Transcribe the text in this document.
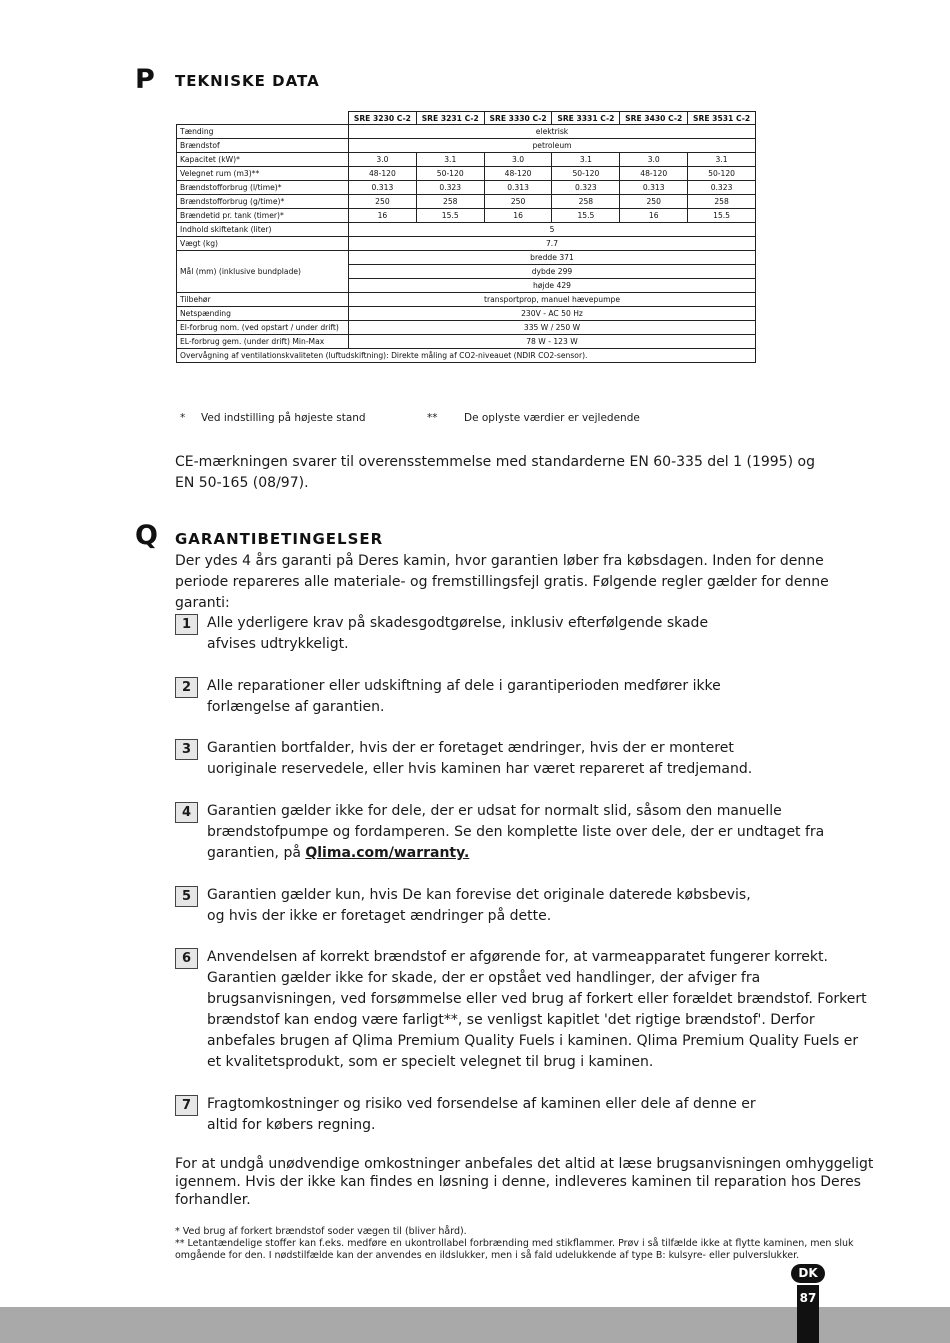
P TEKNISKE DATA
	SRE 3230 C-2	SRE 3231 C-2	SRE 3330 C-2	SRE 3331 C-2	SRE 3430 C-2	SRE 3531 C-2
Tænding	elektrisk					
Brændstof	petroleum					
Kapacitet (kW)*	3.0	3.1	3.0	3.1	3.0	3.1
Velegnet rum (m3)**	48-120	50-120	48-120	50-120	48-120	50-120
Brændstofforbrug (l/time)*	0.313	0.323	0.313	0.323	0.313	0.323
Brændstofforbrug (g/time)*	250	258	250	258	250	258
Brændetid pr. tank (timer)*	16	15.5	16	15.5	16	15.5
Indhold skiftetank (liter)	5					
Vægt (kg)	7.7					
Mål (mm) (inklusive bundplade)	bredde 371					
	dybde 299					
	højde 429					
Tilbehør	transportprop, manuel hævepumpe					
Netspænding	230V - AC 50 Hz					
El-forbrug nom. (ved opstart / under drift)	335 W / 250 W					
EL-forbrug gem. (under drift) Min-Max	78 W - 123 W					
Overvågning af ventilationskvaliteten (luftudskiftning): Direkte måling af CO2-niveauet (NDIR CO2-sensor).						
* Ved indstilling på højeste stand	**	De oplyste værdier er vejledende
CE-mærkningen svarer til overensstemmelse med standarderne EN 60-335 del 1 (1995) og EN 50-165 (08/97).
Q GARANTIBETINGELSER
Der ydes 4 års garanti på Deres kamin, hvor garantien løber fra købsdagen. Inden for denne periode repareres alle materiale- og fremstillingsfejl gratis. Følgende regler gælder for denne garanti:
1	Alle yderligere krav på skadesgodtgørelse, inklusiv efterfølgende skade afvises udtrykkeligt.
2	Alle reparationer eller udskiftning af dele i garantiperioden medfører ikke forlængelse af garantien.
3	Garantien bortfalder, hvis der er foretaget ændringer, hvis der er monteret uoriginale reservedele, eller hvis kaminen har været repareret af tredjemand.
4	Garantien gælder ikke for dele, der er udsat for normalt slid, såsom den manuelle brændstofpumpe og fordamperen. Se den komplette liste over dele, der er undtaget fra garantien, på Qlima.com/warranty.
5	Garantien gælder kun, hvis De kan forevise det originale daterede købsbevis, og hvis der ikke er foretaget ændringer på dette.
6	Anvendelsen af korrekt brændstof er afgørende for, at varmeapparatet fungerer korrekt. Garantien gælder ikke for skade, der er opstået ved handlinger, der afviger fra brugsanvisningen, ved forsømmelse eller ved brug af forkert eller forældet brændstof. Forkert brændstof kan endog være farligt**, se venligst kapitlet 'det rigtige brændstof'. Derfor anbefales brugen af Qlima Premium Quality Fuels i kaminen. Qlima Premium Quality Fuels er et kvalitetsprodukt, som er specielt velegnet til brug i kaminen.
7	Fragtomkostninger og risiko ved forsendelse af kaminen eller dele af denne er altid for købers regning.
For at undgå unødvendige omkostninger anbefales det altid at læse brugsanvisningen omhyggeligt igennem. Hvis der ikke kan findes en løsning i denne, indleveres kaminen til reparation hos Deres forhandler.
* Ved brug af forkert brændstof soder vægen til (bliver hård).
** Letantændelige stoffer kan f.eks. medføre en ukontrollabel forbrænding med stikflammer. Prøv i så tilfælde ikke at flytte kaminen, men sluk omgående for den. I nødstilfælde kan der anvendes en ildslukker, men i så fald udelukkende af type B: kulsyre- eller pulverslukker.
DK
87
